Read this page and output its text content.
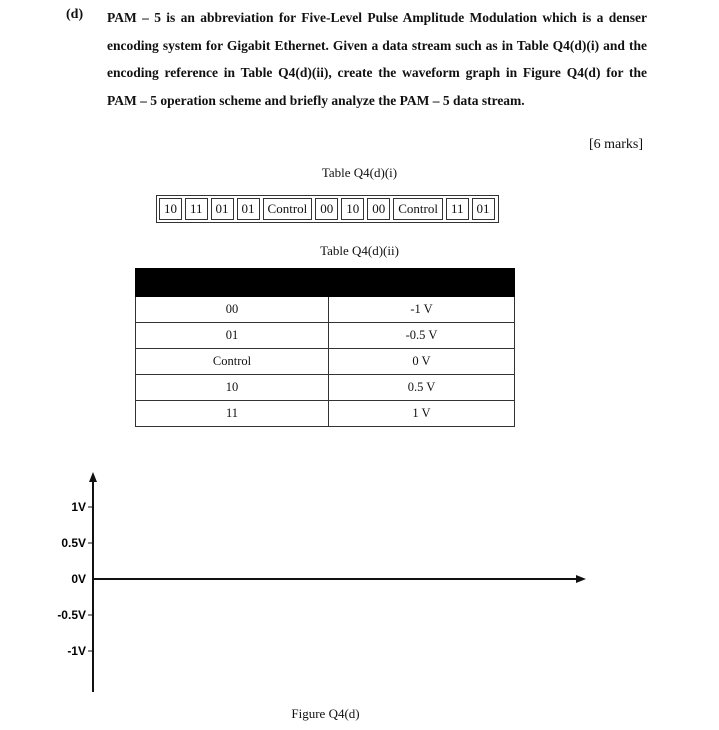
(d) PAM – 5 is an abbreviation for Five-Level Pulse Amplitude Modulation which is a denser encoding system for Gigabit Ethernet. Given a data stream such as in Table Q4(d)(i) and the encoding reference in Table Q4(d)(ii), create the waveform graph in Figure Q4(d) for the PAM – 5 operation scheme and briefly analyze the PAM – 5 data stream.
[6 marks]
Table Q4(d)(i)
10	11	01	01	Control	00	10	00	Control	11	01
Table Q4(d)(ii)

00	-1 V
01	-0.5 V
Control	0 V
10	0.5 V
11	1 V
1V
0.5V
0V
-0.5V
-1V
Figure Q4(d)
